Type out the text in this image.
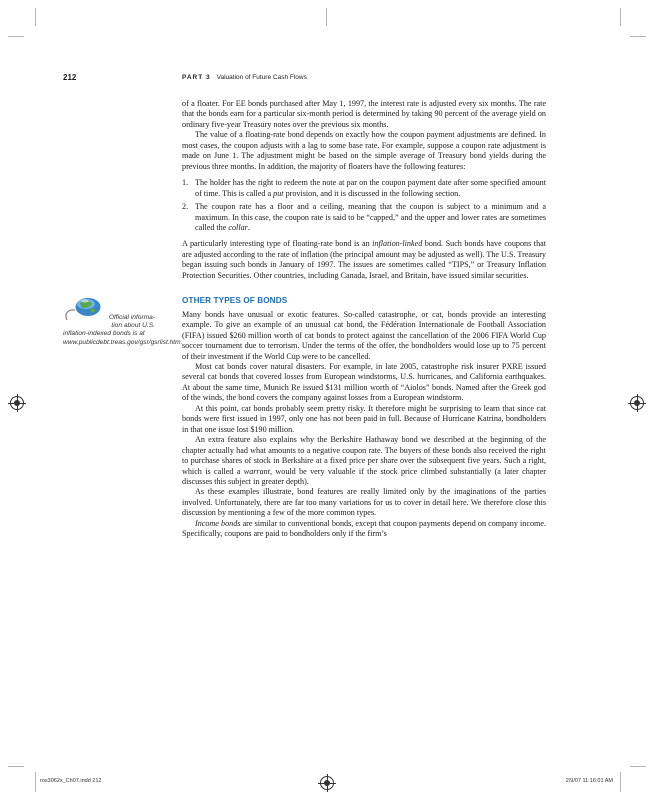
212	PART 3 Valuation of Future Cash Flows
Official informa-
tion about U.S.
inflation-indexed bonds is at www.publicdebt.treas.gov/gsr/gsrlist.htm.

of a floater. For EE bonds purchased after May 1, 1997, the interest rate is adjusted every six months. The rate that the bonds earn for a particular six-month period is determined by taking 90 percent of the average yield on ordinary five-year Treasury notes over the previous six months.

The value of a floating-rate bond depends on exactly how the coupon payment adjustments are defined. In most cases, the coupon adjusts with a lag to some base rate. For example, suppose a coupon rate adjustment is made on June 1. The adjustment might be based on the simple average of Treasury bond yields during the previous three months. In addition, the majority of floaters have the following features:

1. The holder has the right to redeem the note at par on the coupon payment date after some specified amount of time. This is called a put provision, and it is discussed in the following section.
2. The coupon rate has a floor and a ceiling, meaning that the coupon is subject to a minimum and a maximum. In this case, the coupon rate is said to be “capped,” and the upper and lower rates are sometimes called the collar.

A particularly interesting type of floating-rate bond is an inflation-linked bond. Such bonds have coupons that are adjusted according to the rate of inflation (the principal amount may be adjusted as well). The U.S. Treasury began issuing such bonds in January of 1997. The issues are sometimes called “TIPS,” or Treasury Inflation Protection Securities. Other countries, including Canada, Israel, and Britain, have issued similar securities.

OTHER TYPES OF BONDS

Many bonds have unusual or exotic features. So-called catastrophe, or cat, bonds provide an interesting example. To give an example of an unusual cat bond, the Fédération Internationale de Football Association (FIFA) issued $260 million worth of cat bonds to protect against the cancellation of the 2006 FIFA World Cup soccer tournament due to terrorism. Under the terms of the offer, the bondholders would lose up to 75 percent of their investment if the World Cup were to be cancelled.

Most cat bonds cover natural disasters. For example, in late 2005, catastrophe risk insurer PXRE issued several cat bonds that covered losses from European windstorms, U.S. hurricanes, and California earthquakes. At about the same time, Munich Re issued $131 million worth of “Aiolos” bonds. Named after the Greek god of the winds, the bond covers the company against losses from a European windstorm.

At this point, cat bonds probably seem pretty risky. It therefore might be surprising to learn that since cat bonds were first issued in 1997, only one has not been paid in full. Because of Hurricane Katrina, bondholders in that one issue lost $190 million.

An extra feature also explains why the Berkshire Hathaway bond we described at the beginning of the chapter actually had what amounts to a negative coupon rate. The buyers of these bonds also received the right to purchase shares of stock in Berkshire at a fixed price per share over the subsequent five years. Such a right, which is called a warrant, would be very valuable if the stock price climbed substantially (a later chapter discusses this subject in greater depth).

As these examples illustrate, bond features are really limited only by the imaginations of the parties involved. Unfortunately, there are far too many variations for us to cover in detail here. We therefore close this discussion by mentioning a few of the more common types.

Income bonds are similar to conventional bonds, except that coupon payments depend on company income. Specifically, coupons are paid to bondholders only if the firm’s

ros3062x_Ch07.indd 212	2/9/07 11:16:01 AM
